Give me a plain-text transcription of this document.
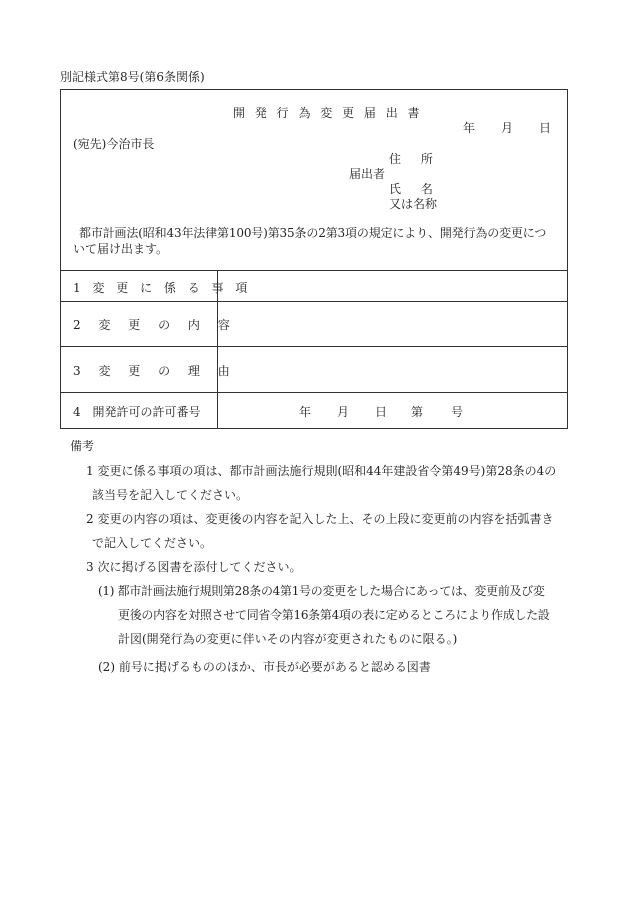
別記様式第8号(第6条関係)
開 発 行 為 変 更 届 出 書
年 月 日
(宛先)今治市長
住 所
届出者
氏 名
又は名称
都市計画法(昭和43年法律第100号)第35条の2第3項の規定により、開発行為の変更につ
いて届け出ます。
1 変 更 に 係 る 事 項
2 変 更 の 内 容
3 変 更 の 理 由
4 開発許可の許可番号	年 月 日 第 号
備考
1 変更に係る事項の項は、都市計画法施行規則(昭和44年建設省令第49号)第28条の4の
該当号を記入してください。
2 変更の内容の項は、変更後の内容を記入した上、その上段に変更前の内容を括弧書き
で記入してください。
3 次に掲げる図書を添付してください。
(1) 都市計画法施行規則第28条の4第1号の変更をした場合にあっては、変更前及び変
更後の内容を対照させて同省令第16条第4項の表に定めるところにより作成した設
計図(開発行為の変更に伴いその内容が変更されたものに限る。)
(2) 前号に掲げるもののほか、市長が必要があると認める図書
